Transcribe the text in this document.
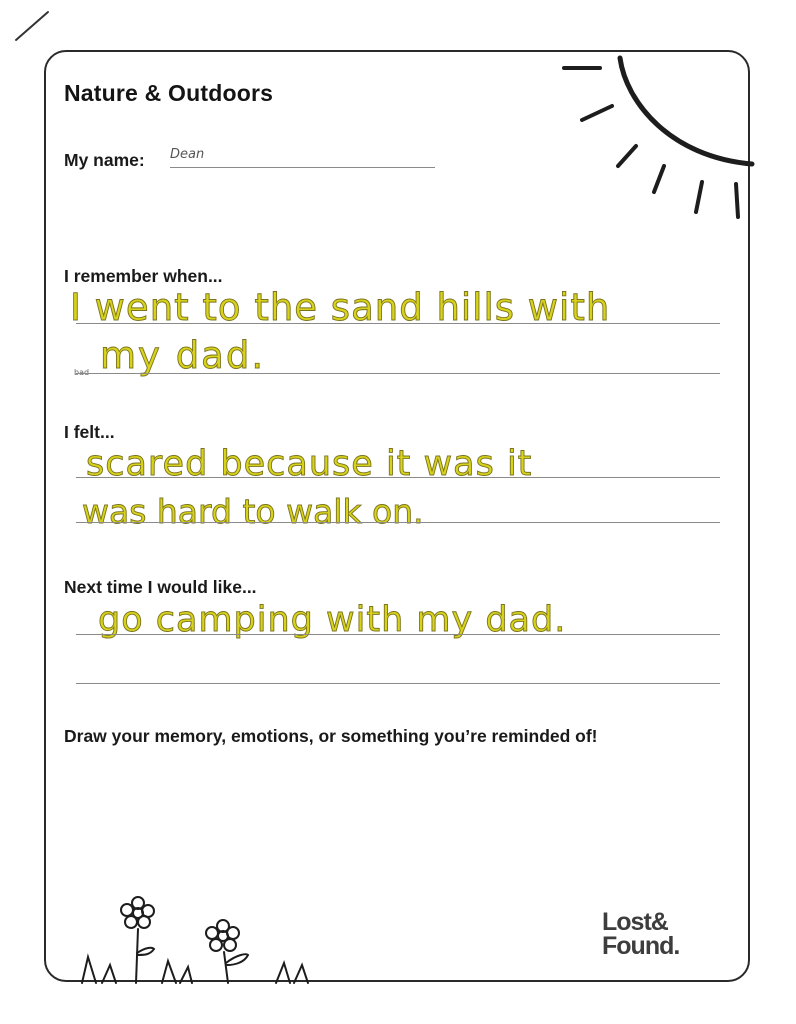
Nature & Outdoors
My name: Dean
I remember when...
I went to the sand hills with
bad my dad.
I felt...
scared because it was it
was hard to walk on.
Next time I would like...
go camping with my dad.
Draw your memory, emotions, or something you’re reminded of!
Lost&
Found.
